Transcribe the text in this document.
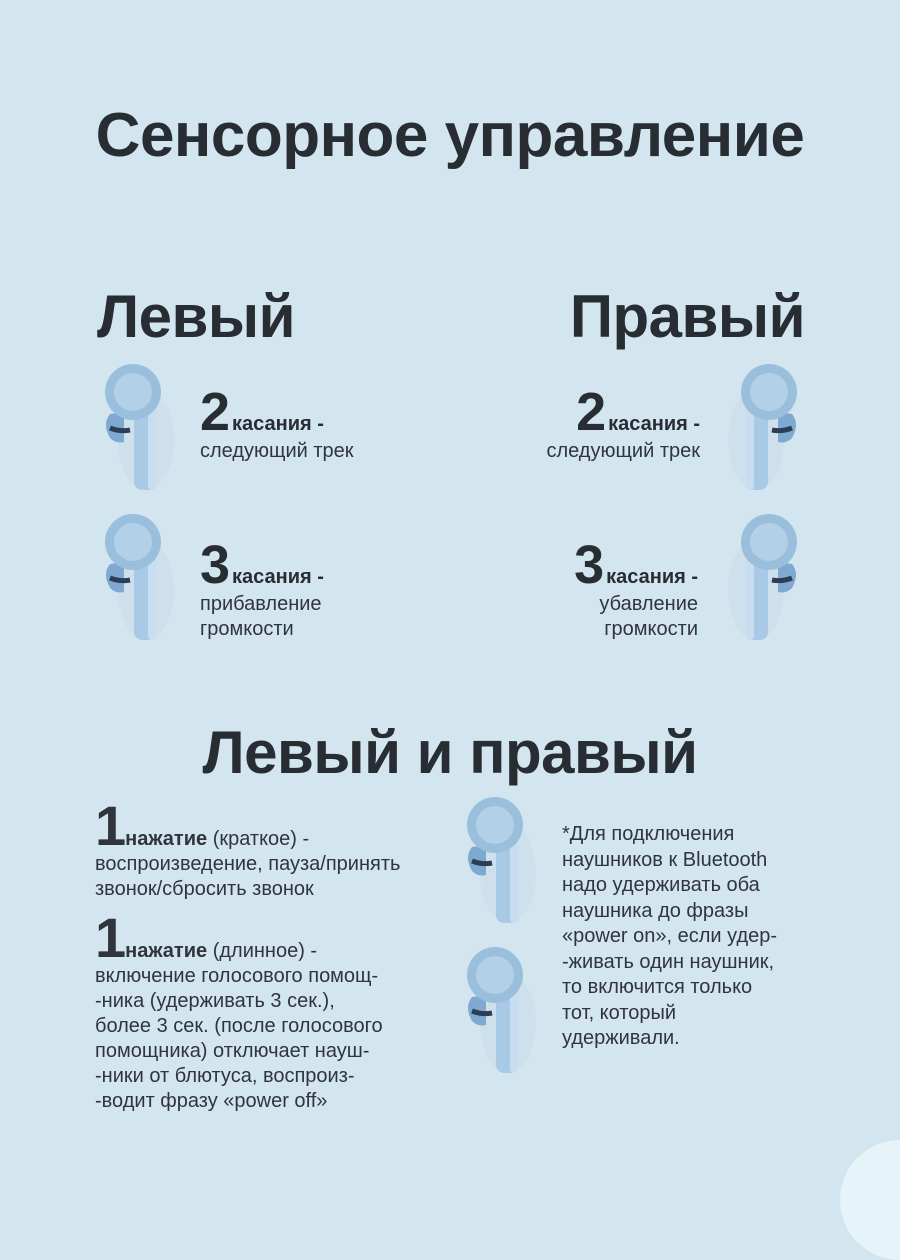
Сенсорное управление
Левый	Правый
2 касания -
следующий трек
3 касания -
прибавление
громкости
2 касания -
следующий трек
3 касания -
убавление
громкости
Левый и правый
1нажатие (краткое) -
воспроизведение, пауза/принять
звонок/сбросить звонок
1нажатие (длинное) -
включение голосового помощ-
-ника (удерживать 3 сек.),
более 3 сек. (после голосового
помощника) отключает науш-
-ники от блютуса, воспроиз-
-водит фразу «power off»
*Для подключения
наушников к Bluetooth
надо удерживать оба
наушника до фразы
«power on», если удер-
-живать один наушник,
то включится только
тот, который
удерживали.
